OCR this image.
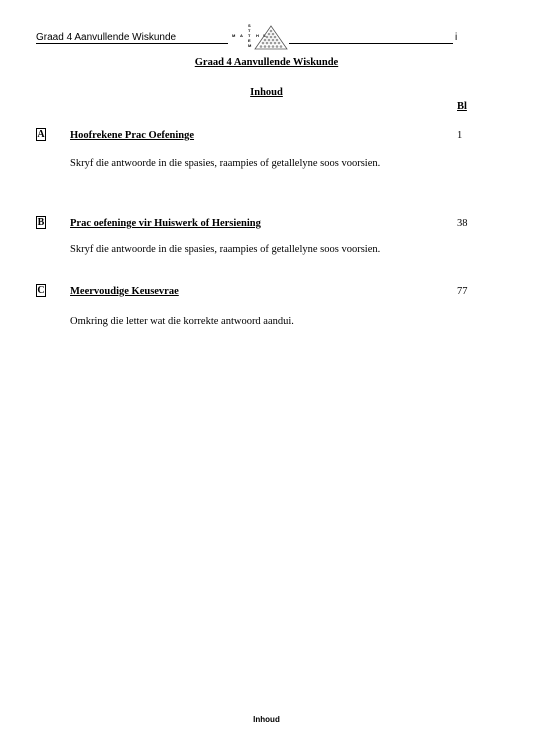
Graad 4 Aanvullende Wiskunde
S
T
E
M
M A T H S	i
Graad 4 Aanvullende Wiskunde
Inhoud
Bl
A Hoofrekene Prac Oefeninge	1
Skryf die antwoorde in die spasies, raampies of getallelyne soos voorsien.
B Prac oefeninge vir Huiswerk of Hersiening	38
Skryf die antwoorde in die spasies, raampies of getallelyne soos voorsien.
C Meervoudige Keusevrae	77
Omkring die letter wat die korrekte antwoord aandui.
Inhoud
